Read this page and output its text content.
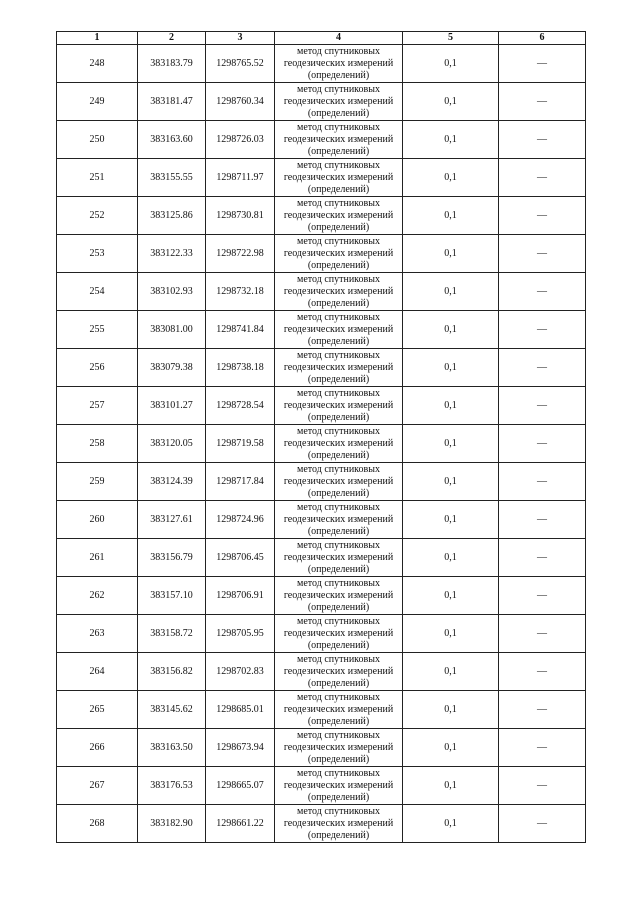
1	2	3	4	5	6
248	383183.79	1298765.52	метод спутниковых геодезических измерений (определений)	0,1	—
249	383181.47	1298760.34	метод спутниковых геодезических измерений (определений)	0,1	—
250	383163.60	1298726.03	метод спутниковых геодезических измерений (определений)	0,1	—
251	383155.55	1298711.97	метод спутниковых геодезических измерений (определений)	0,1	—
252	383125.86	1298730.81	метод спутниковых геодезических измерений (определений)	0,1	—
253	383122.33	1298722.98	метод спутниковых геодезических измерений (определений)	0,1	—
254	383102.93	1298732.18	метод спутниковых геодезических измерений (определений)	0,1	—
255	383081.00	1298741.84	метод спутниковых геодезических измерений (определений)	0,1	—
256	383079.38	1298738.18	метод спутниковых геодезических измерений (определений)	0,1	—
257	383101.27	1298728.54	метод спутниковых геодезических измерений (определений)	0,1	—
258	383120.05	1298719.58	метод спутниковых геодезических измерений (определений)	0,1	—
259	383124.39	1298717.84	метод спутниковых геодезических измерений (определений)	0,1	—
260	383127.61	1298724.96	метод спутниковых геодезических измерений (определений)	0,1	—
261	383156.79	1298706.45	метод спутниковых геодезических измерений (определений)	0,1	—
262	383157.10	1298706.91	метод спутниковых геодезических измерений (определений)	0,1	—
263	383158.72	1298705.95	метод спутниковых геодезических измерений (определений)	0,1	—
264	383156.82	1298702.83	метод спутниковых геодезических измерений (определений)	0,1	—
265	383145.62	1298685.01	метод спутниковых геодезических измерений (определений)	0,1	—
266	383163.50	1298673.94	метод спутниковых геодезических измерений (определений)	0,1	—
267	383176.53	1298665.07	метод спутниковых геодезических измерений (определений)	0,1	—
268	383182.90	1298661.22	метод спутниковых геодезических измерений (определений)	0,1	—
